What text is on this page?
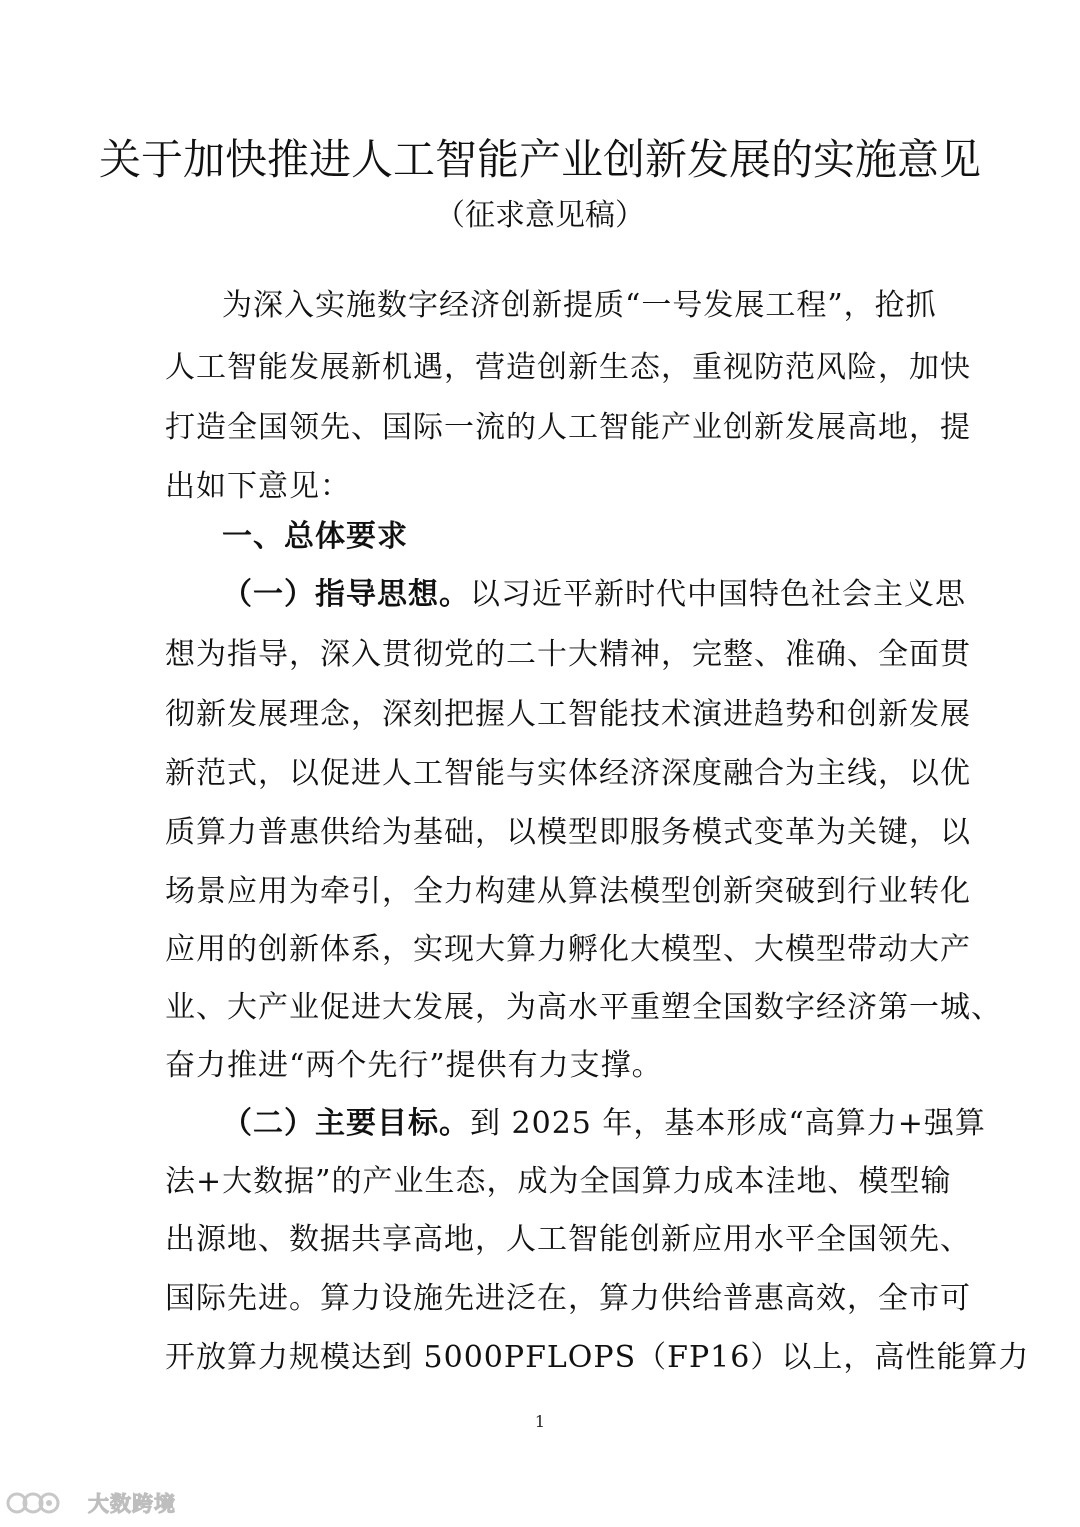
关于加快推进人工智能产业创新发展的实施意见
（征求意见稿）
为深入实施数字经济创新提质“一号发展工程”，抢抓
人工智能发展新机遇，营造创新生态，重视防范风险，加快
打造全国领先、国际一流的人工智能产业创新发展高地，提
出如下意见：
一、总体要求
（一）指导思想。以习近平新时代中国特色社会主义思
想为指导，深入贯彻党的二十大精神，完整、准确、全面贯
彻新发展理念，深刻把握人工智能技术演进趋势和创新发展
新范式，以促进人工智能与实体经济深度融合为主线，以优
质算力普惠供给为基础，以模型即服务模式变革为关键，以
场景应用为牵引，全力构建从算法模型创新突破到行业转化
应用的创新体系，实现大算力孵化大模型、大模型带动大产
业、大产业促进大发展，为高水平重塑全国数字经济第一城、
奋力推进“两个先行”提供有力支撑。
（二）主要目标。到 2025 年，基本形成“高算力+强算
法+大数据”的产业生态，成为全国算力成本洼地、模型输
出源地、数据共享高地，人工智能创新应用水平全国领先、
国际先进。算力设施先进泛在，算力供给普惠高效，全市可
开放算力规模达到 5000PFLOPS（FP16）以上，高性能算力
1
大数跨境
